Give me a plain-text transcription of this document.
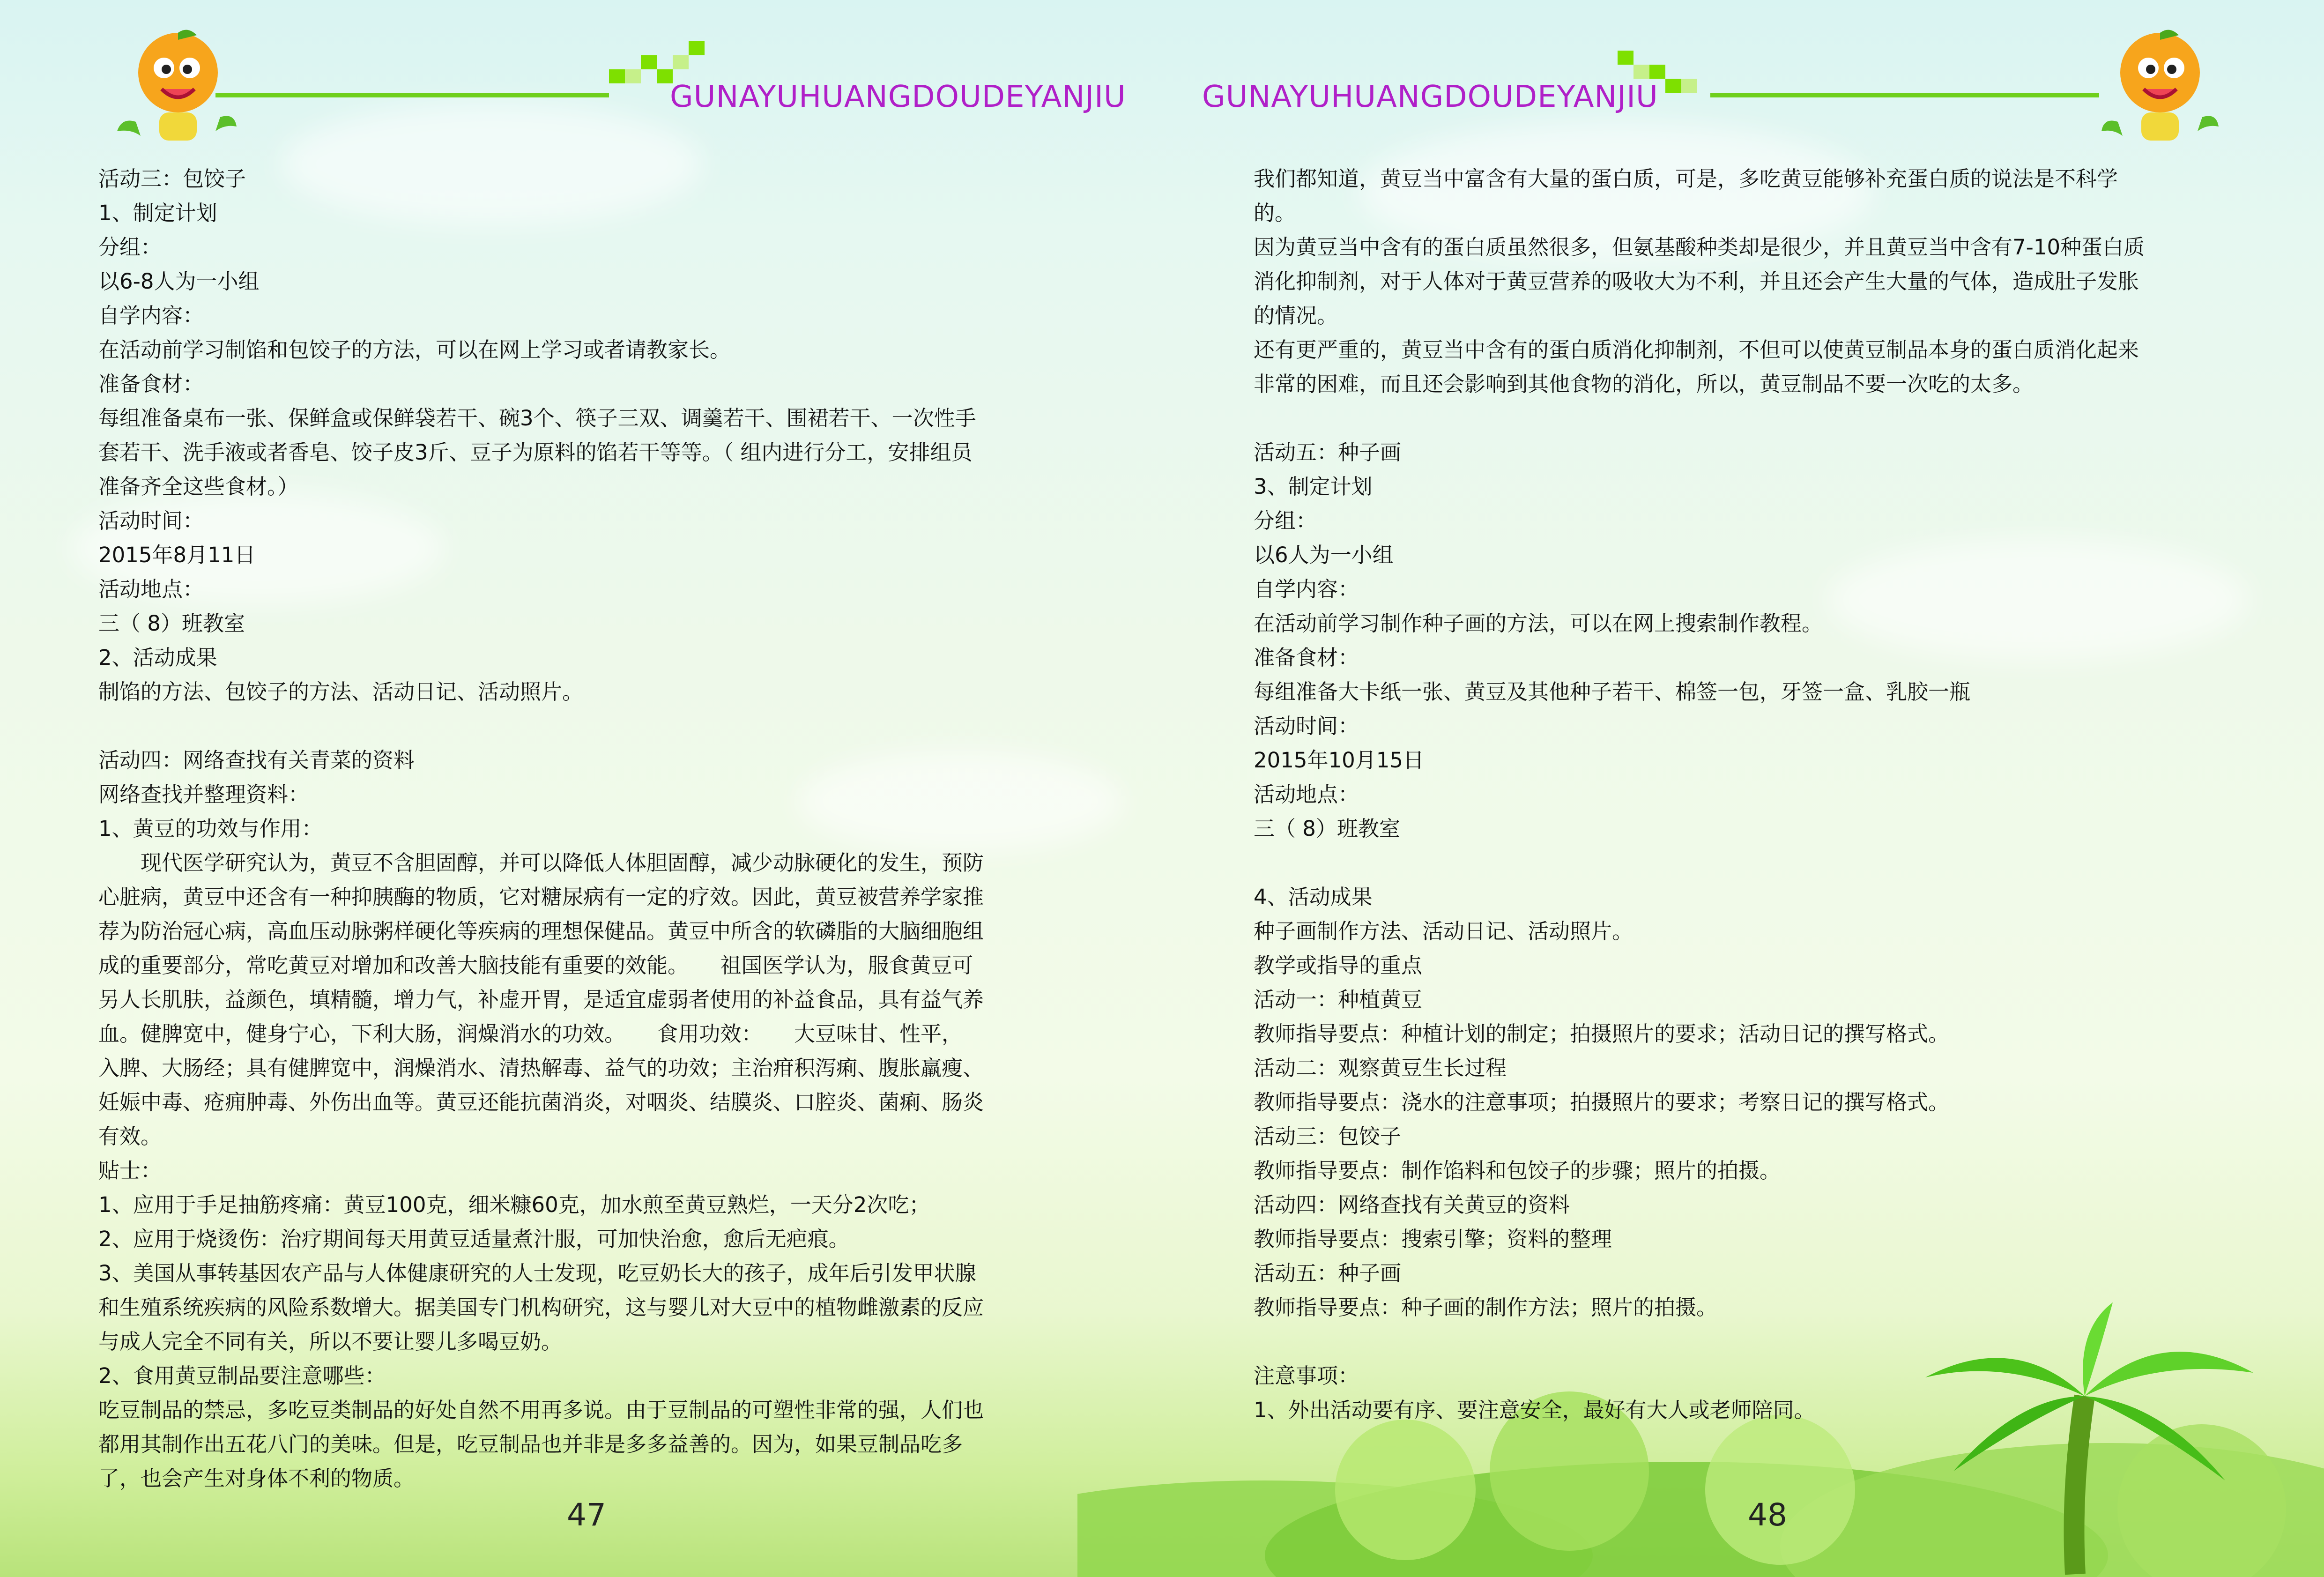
GUNAYUHUANGDOUDEYANJIU

活动三：包饺子

1、制定计划

分组：

以6-8人为一小组

自学内容：

在活动前学习制馅和包饺子的方法，可以在网上学习或者请教家长。

准备食材：

每组准备桌布一张、保鲜盒或保鲜袋若干、碗3个、筷子三双、调羹若干、围裙若干、一次性手

套若干、洗手液或者香皂、饺子皮3斤、豆子为原料的馅若干等等。（ 组内进行分工，安排组员

准备齐全这些食材。）

活动时间：

2015年8月11日

活动地点：

三（ 8）班教室

2、活动成果

制馅的方法、包饺子的方法、活动日记、活动照片。

活动四：网络查找有关青菜的资料

网络查找并整理资料：

1、黄豆的功效与作用：

现代医学研究认为，黄豆不含胆固醇，并可以降低人体胆固醇，减少动脉硬化的发生，预防

心脏病，黄豆中还含有一种抑胰酶的物质，它对糖尿病有一定的疗效。因此，黄豆被营养学家推

荐为防治冠心病，高血压动脉粥样硬化等疾病的理想保健品。黄豆中所含的软磷脂的大脑细胞组

成的重要部分，常吃黄豆对增加和改善大脑技能有重要的效能。　　祖国医学认为，服食黄豆可

另人长肌肤，益颜色，填精髓，增力气，补虚开胃，是适宜虚弱者使用的补益食品，具有益气养

血。健脾宽中，健身宁心，下利大肠，润燥消水的功效。　　食用功效：　　大豆味甘、性平，

入脾、大肠经；具有健脾宽中，润燥消水、清热解毒、益气的功效；主治疳积泻痢、腹胀羸瘦、

妊娠中毒、疮痈肿毒、外伤出血等。黄豆还能抗菌消炎，对咽炎、结膜炎、口腔炎、菌痢、肠炎

有效。

贴士：

1、应用于手足抽筋疼痛：黄豆100克，细米糠60克，加水煎至黄豆熟烂，一天分2次吃；

2、应用于烧烫伤：治疗期间每天用黄豆适量煮汁服，可加快治愈，愈后无疤痕。

3、美国从事转基因农产品与人体健康研究的人士发现，吃豆奶长大的孩子，成年后引发甲状腺

和生殖系统疾病的风险系数增大。据美国专门机构研究，这与婴儿对大豆中的植物雌激素的反应

与成人完全不同有关，所以不要让婴儿多喝豆奶。

2、食用黄豆制品要注意哪些：

吃豆制品的禁忌，多吃豆类制品的好处自然不用再多说。由于豆制品的可塑性非常的强，人们也

都用其制作出五花八门的美味。但是，吃豆制品也并非是多多益善的。因为，如果豆制品吃多

了，也会产生对身体不利的物质。

47
GUNAYUHUANGDOUDEYANJIU

我们都知道，黄豆当中富含有大量的蛋白质，可是，多吃黄豆能够补充蛋白质的说法是不科学

的。

因为黄豆当中含有的蛋白质虽然很多，但氨基酸种类却是很少，并且黄豆当中含有7-10种蛋白质

消化抑制剂，对于人体对于黄豆营养的吸收大为不利，并且还会产生大量的气体，造成肚子发胀

的情况。

还有更严重的，黄豆当中含有的蛋白质消化抑制剂，不但可以使黄豆制品本身的蛋白质消化起来

非常的困难，而且还会影响到其他食物的消化，所以，黄豆制品不要一次吃的太多。

活动五：种子画

3、制定计划

分组：

以6人为一小组

自学内容：

在活动前学习制作种子画的方法，可以在网上搜索制作教程。

准备食材：

每组准备大卡纸一张、黄豆及其他种子若干、棉签一包，牙签一盒、乳胶一瓶

活动时间：

2015年10月15日

活动地点：

三（ 8）班教室

4、活动成果

种子画制作方法、活动日记、活动照片。

教学或指导的重点

活动一：种植黄豆

教师指导要点：种植计划的制定；拍摄照片的要求；活动日记的撰写格式。

活动二：观察黄豆生长过程

教师指导要点：浇水的注意事项；拍摄照片的要求；考察日记的撰写格式。

活动三：包饺子

教师指导要点：制作馅料和包饺子的步骤；照片的拍摄。

活动四：网络查找有关黄豆的资料

教师指导要点：搜索引擎；资料的整理

活动五：种子画

教师指导要点：种子画的制作方法；照片的拍摄。

注意事项：

1、外出活动要有序、要注意安全，最好有大人或老师陪同。

48
